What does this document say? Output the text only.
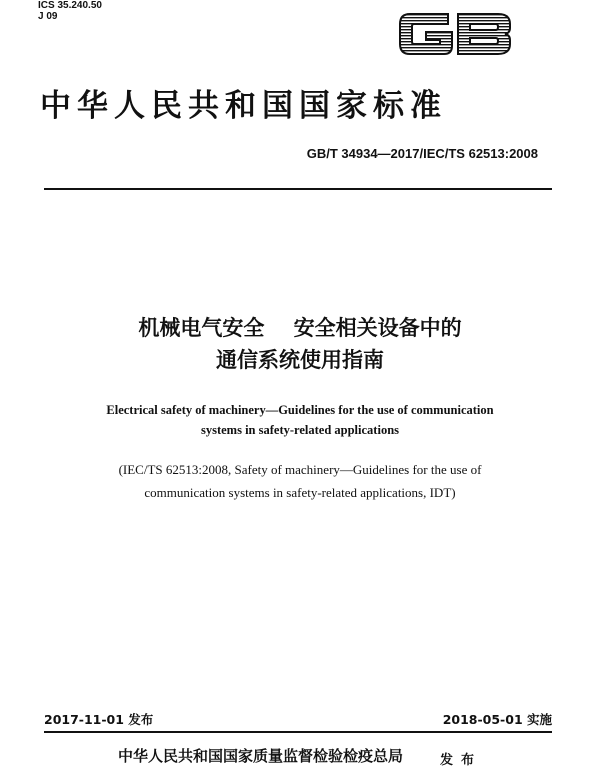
ICS 35.240.50
J 09
中华人民共和国国家标准
GB/T 34934—2017/IEC/TS 62513:2008
机械电气安全    安全相关设备中的
通信系统使用指南
Electrical safety of machinery—Guidelines for the use of communication
systems in safety-related applications
(IEC/TS 62513:2008, Safety of machinery—Guidelines for the use of
communication systems in safety-related applications, IDT)
2017-11-01 发布	2018-05-01 实施
中华人民共和国国家质量监督检验检疫总局	发布
